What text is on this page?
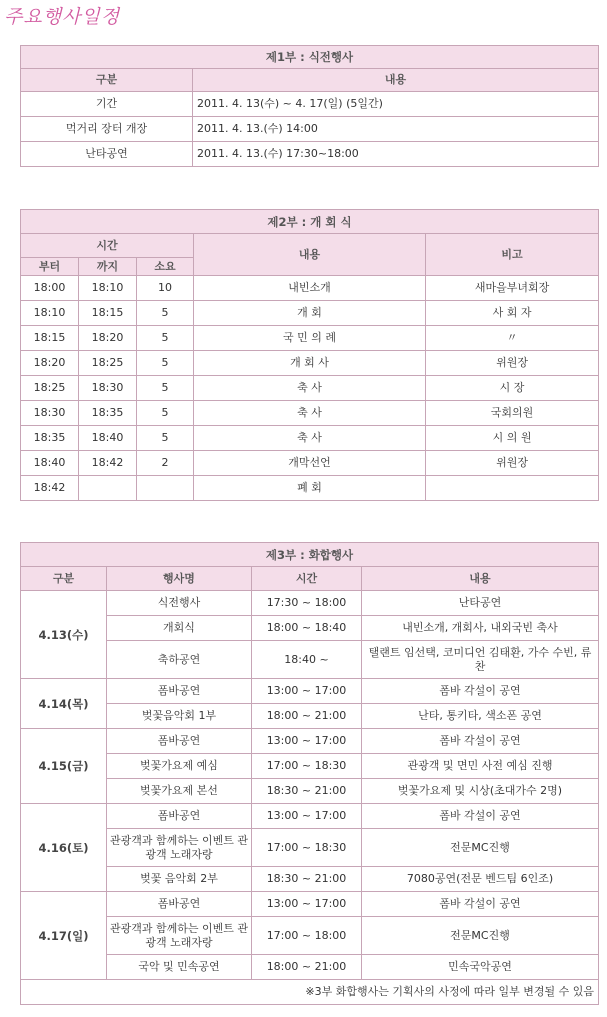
주요행사일정
제1부 : 식전행사	
구분	내용
기간	2011. 4. 13(수) ~ 4. 17(일) (5일간)
먹거리 장터 개장	2011. 4. 13.(수) 14:00
난타공연	2011. 4. 13.(수) 17:30~18:00
제2부 : 개 회 식				
시간			내용	비고
부터	까지	소요		
18:00	18:10	10	내빈소개	새마을부녀회장
18:10	18:15	5	개 회	사 회 자
18:15	18:20	5	국 민 의 례	〃
18:20	18:25	5	개 회 사	위원장
18:25	18:30	5	축 사	시 장
18:30	18:35	5	축 사	국회의원
18:35	18:40	5	축 사	시 의 원
18:40	18:42	2	개막선언	위원장
18:42			폐 회	
제3부 : 화합행사			
구분	행사명	시간	내용
4.13(수)	식전행사	17:30 ~ 18:00	난타공연
	개회식	18:00 ~ 18:40	내빈소개, 개회사, 내외국빈 축사
	축하공연	18:40 ~	탤랜트 임선택, 코미디언 김태환, 가수 수빈, 류찬
4.14(목)	폼바공연	13:00 ~ 17:00	폼바 각설이 공연
	벚꽃음악회 1부	18:00 ~ 21:00	난타, 통키타, 색소폰 공연
4.15(금)	폼바공연	13:00 ~ 17:00	폼바 각설이 공연
	벚꽃가요제 예심	17:00 ~ 18:30	관광객 및 면민 사전 예심 진행
	벚꽃가요제 본선	18:30 ~ 21:00	벚꽃가요제 및 시상(초대가수 2명)
4.16(토)	폼바공연	13:00 ~ 17:00	폼바 각설이 공연
	관광객과 함께하는 이벤트 관광객 노래자랑	17:00 ~ 18:30	전문MC진행
	벚꽃 음악회 2부	18:30 ~ 21:00	7080공연(전문 벤드팀 6인조)
4.17(일)	폼바공연	13:00 ~ 17:00	폼바 각설이 공연
	관광객과 함께하는 이벤트 관광객 노래자랑	17:00 ~ 18:00	전문MC진행
	국악 및 민속공연	18:00 ~ 21:00	민속국악공연
※3부 화합행사는 기획사의 사정에 따라 일부 변경될 수 있음			
